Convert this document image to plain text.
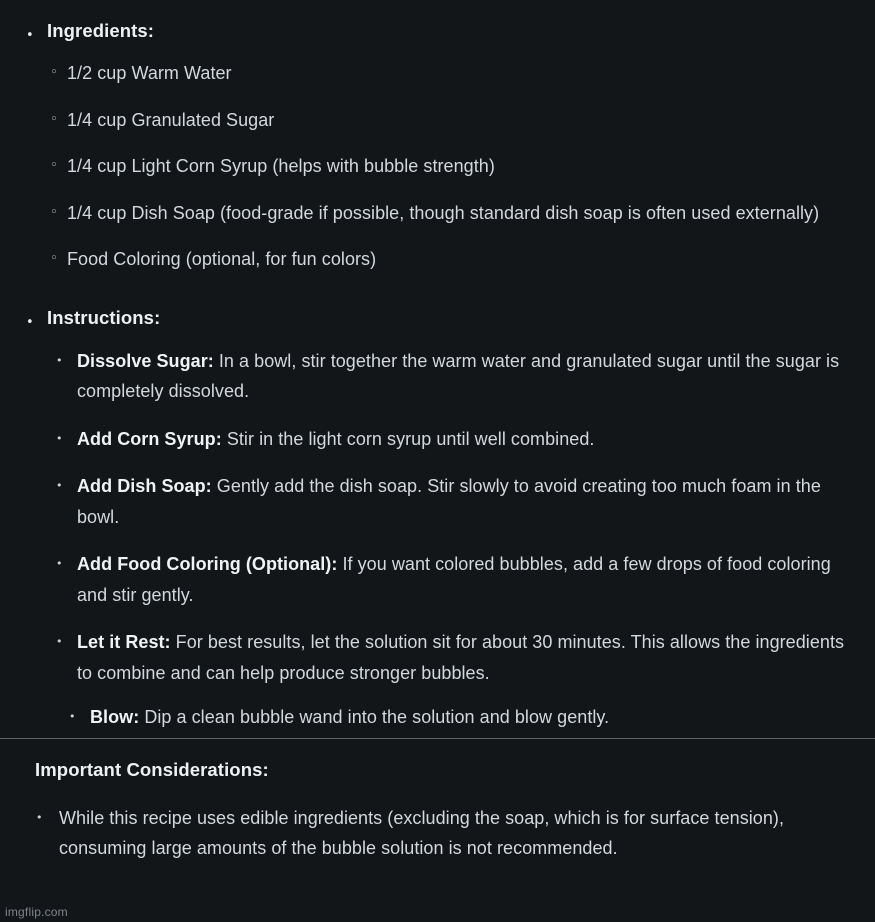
• Ingredients:
◦ 1/2 cup Warm Water
◦ 1/4 cup Granulated Sugar
◦ 1/4 cup Light Corn Syrup (helps with bubble strength)
◦ 1/4 cup Dish Soap (food-grade if possible, though standard dish soap is often used externally)
◦ Food Coloring (optional, for fun colors)
• Instructions:
• Dissolve Sugar: In a bowl, stir together the warm water and granulated sugar until the sugar is completely dissolved.
• Add Corn Syrup: Stir in the light corn syrup until well combined.
• Add Dish Soap: Gently add the dish soap. Stir slowly to avoid creating too much foam in the bowl.
• Add Food Coloring (Optional): If you want colored bubbles, add a few drops of food coloring and stir gently.
• Let it Rest: For best results, let the solution sit for about 30 minutes. This allows the ingredients to combine and can help produce stronger bubbles.
• Blow: Dip a clean bubble wand into the solution and blow gently.
Important Considerations:
• While this recipe uses edible ingredients (excluding the soap, which is for surface tension), consuming large amounts of the bubble solution is not recommended.
imgflip.com
